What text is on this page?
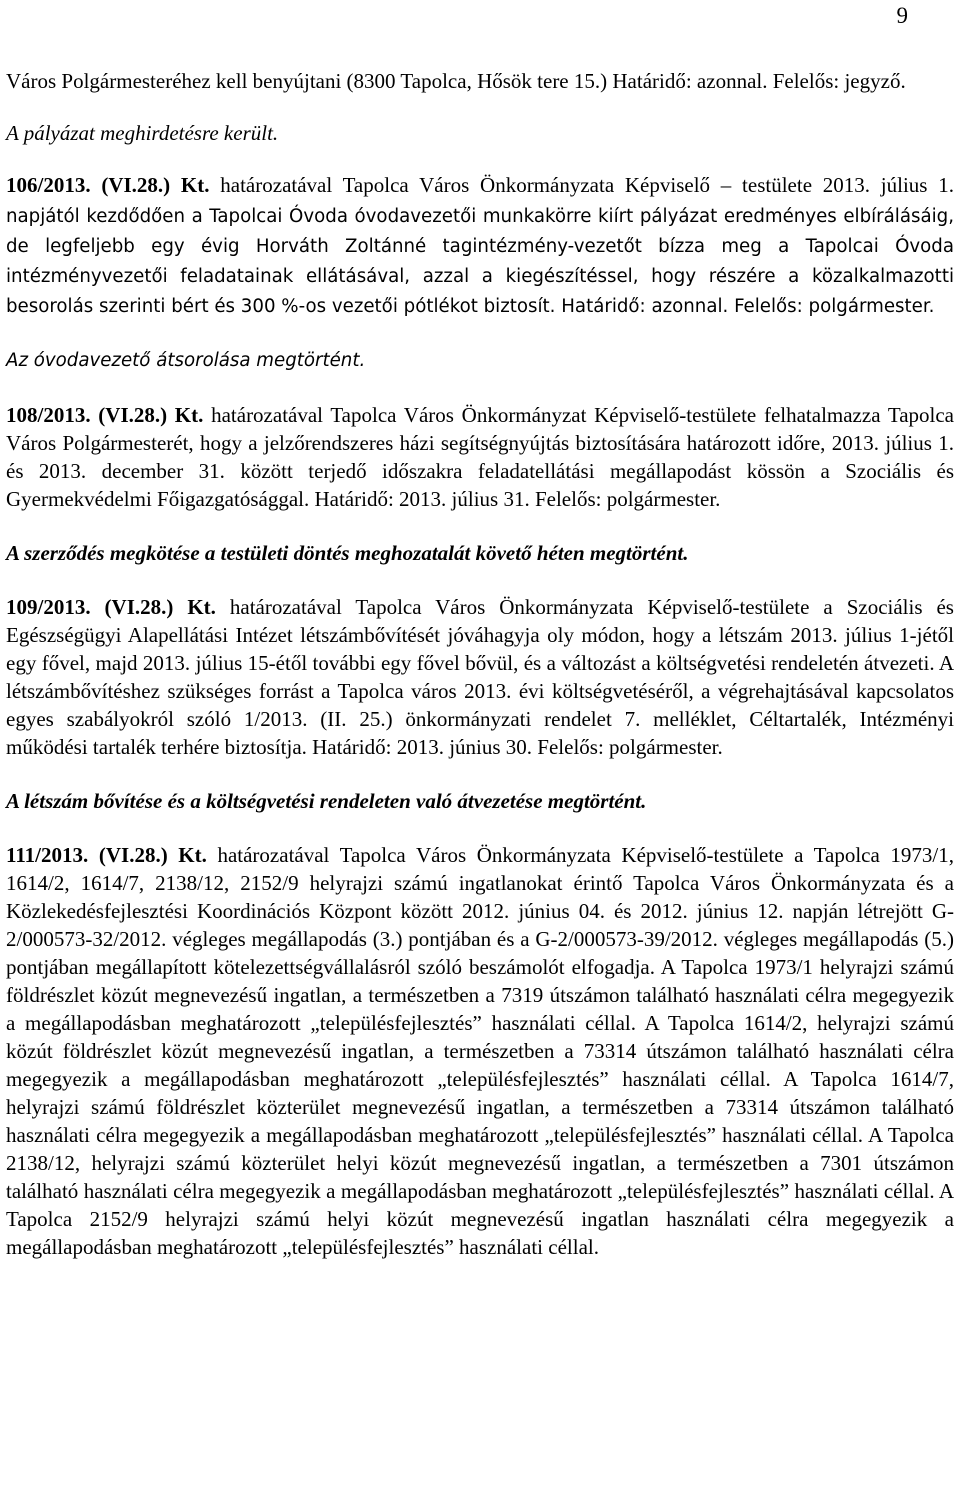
9

Város Polgármesteréhez kell benyújtani (8300 Tapolca, Hősök tere 15.) Határidő: azonnal. Felelős: jegyző.

A pályázat meghirdetésre került.

106/2013. (VI.28.) Kt. határozatával Tapolca Város Önkormányzata Képviselő – testülete 2013. július 1. napjától kezdődően a Tapolcai Óvoda óvodavezetői munkakörre kiírt pályázat eredményes elbírálásáig, de legfeljebb egy évig Horváth Zoltánné tagintézmény-vezetőt bízza meg a Tapolcai Óvoda intézményvezetői feladatainak ellátásával, azzal a kiegészítéssel, hogy részére a közalkalmazotti besorolás szerinti bért és 300 %-os vezetői pótlékot biztosít. Határidő: azonnal. Felelős: polgármester.

Az óvodavezető átsorolása megtörtént.

108/2013. (VI.28.) Kt. határozatával Tapolca Város Önkormányzat Képviselő-testülete felhatalmazza Tapolca Város Polgármesterét, hogy a jelzőrendszeres házi segítségnyújtás biztosítására határozott időre, 2013. július 1. és 2013. december 31. között terjedő időszakra feladatellátási megállapodást kössön a Szociális és Gyermekvédelmi Főigazgatósággal. Határidő: 2013. július 31. Felelős: polgármester.

A szerződés megkötése a testületi döntés meghozatalát követő héten megtörtént.

109/2013. (VI.28.) Kt. határozatával Tapolca Város Önkormányzata Képviselő-testülete a Szociális és Egészségügyi Alapellátási Intézet létszámbővítését jóváhagyja oly módon, hogy a létszám 2013. július 1-jétől egy fővel, majd 2013. július 15-étől további egy fővel bővül, és a változást a költségvetési rendeletén átvezeti. A létszámbővítéshez szükséges forrást a Tapolca város 2013. évi költségvetéséről, a végrehajtásával kapcsolatos egyes szabályokról szóló 1/2013. (II. 25.) önkormányzati rendelet 7. melléklet, Céltartalék, Intézményi működési tartalék terhére biztosítja. Határidő: 2013. június 30. Felelős: polgármester.

A létszám bővítése és a költségvetési rendeleten való átvezetése megtörtént.

111/2013. (VI.28.) Kt. határozatával Tapolca Város Önkormányzata Képviselő-testülete a Tapolca 1973/1, 1614/2, 1614/7, 2138/12, 2152/9 helyrajzi számú ingatlanokat érintő Tapolca Város Önkormányzata és a Közlekedésfejlesztési Koordinációs Központ között 2012. június 04. és 2012. június 12. napján létrejött G-2/000573-32/2012. végleges megállapodás (3.) pontjában és a G-2/000573-39/2012. végleges megállapodás (5.) pontjában megállapított kötelezettségvállalásról szóló beszámolót elfogadja. A Tapolca 1973/1 helyrajzi számú földrészlet közút megnevezésű ingatlan, a természetben a 7319 útszámon található használati célra megegyezik a megállapodásban meghatározott „településfejlesztés” használati céllal. A Tapolca 1614/2, helyrajzi számú közút földrészlet közút megnevezésű ingatlan, a természetben a 73314 útszámon található használati célra megegyezik a megállapodásban meghatározott „településfejlesztés” használati céllal. A Tapolca 1614/7, helyrajzi számú földrészlet közterület megnevezésű ingatlan, a természetben a 73314 útszámon található használati célra megegyezik a megállapodásban meghatározott „településfejlesztés” használati céllal. A Tapolca 2138/12, helyrajzi számú közterület helyi közút megnevezésű ingatlan, a természetben a 7301 útszámon található használati célra megegyezik a megállapodásban meghatározott „településfejlesztés” használati céllal. A Tapolca 2152/9 helyrajzi számú helyi közút megnevezésű ingatlan használati célra megegyezik a megállapodásban meghatározott „településfejlesztés” használati céllal.
